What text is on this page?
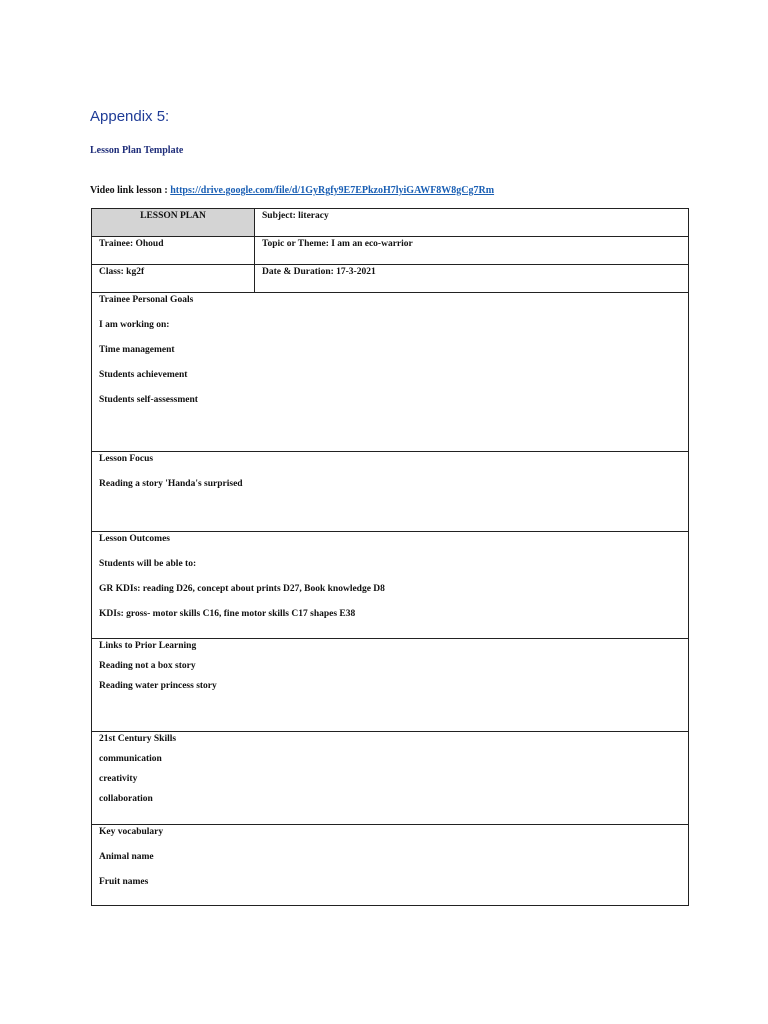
Appendix 5:
Lesson Plan Template
Video link lesson : https://drive.google.com/file/d/1GyRgfy9E7EPkzoH7lyiGAWF8W8gCg7Rm
LESSON PLAN	Subject: literacy
Trainee: Ohoud	Topic or Theme: I am an eco-warrior
Class: kg2f	Date & Duration: 17-3-2021

Trainee Personal Goals

I am working on:

Time management

Students achievement

Students self-assessment	

Lesson Focus

Reading a story 'Handa's surprised	

Lesson Outcomes

Students will be able to:

GR KDIs: reading D26, concept about prints D27, Book knowledge D8

KDIs: gross- motor skills C16, fine motor skills C17 shapes E38	

Links to Prior Learning

Reading not a box story

Reading water princess story	

21st Century Skills

communication

creativity

collaboration	

Key vocabulary

Animal name

Fruit names	
